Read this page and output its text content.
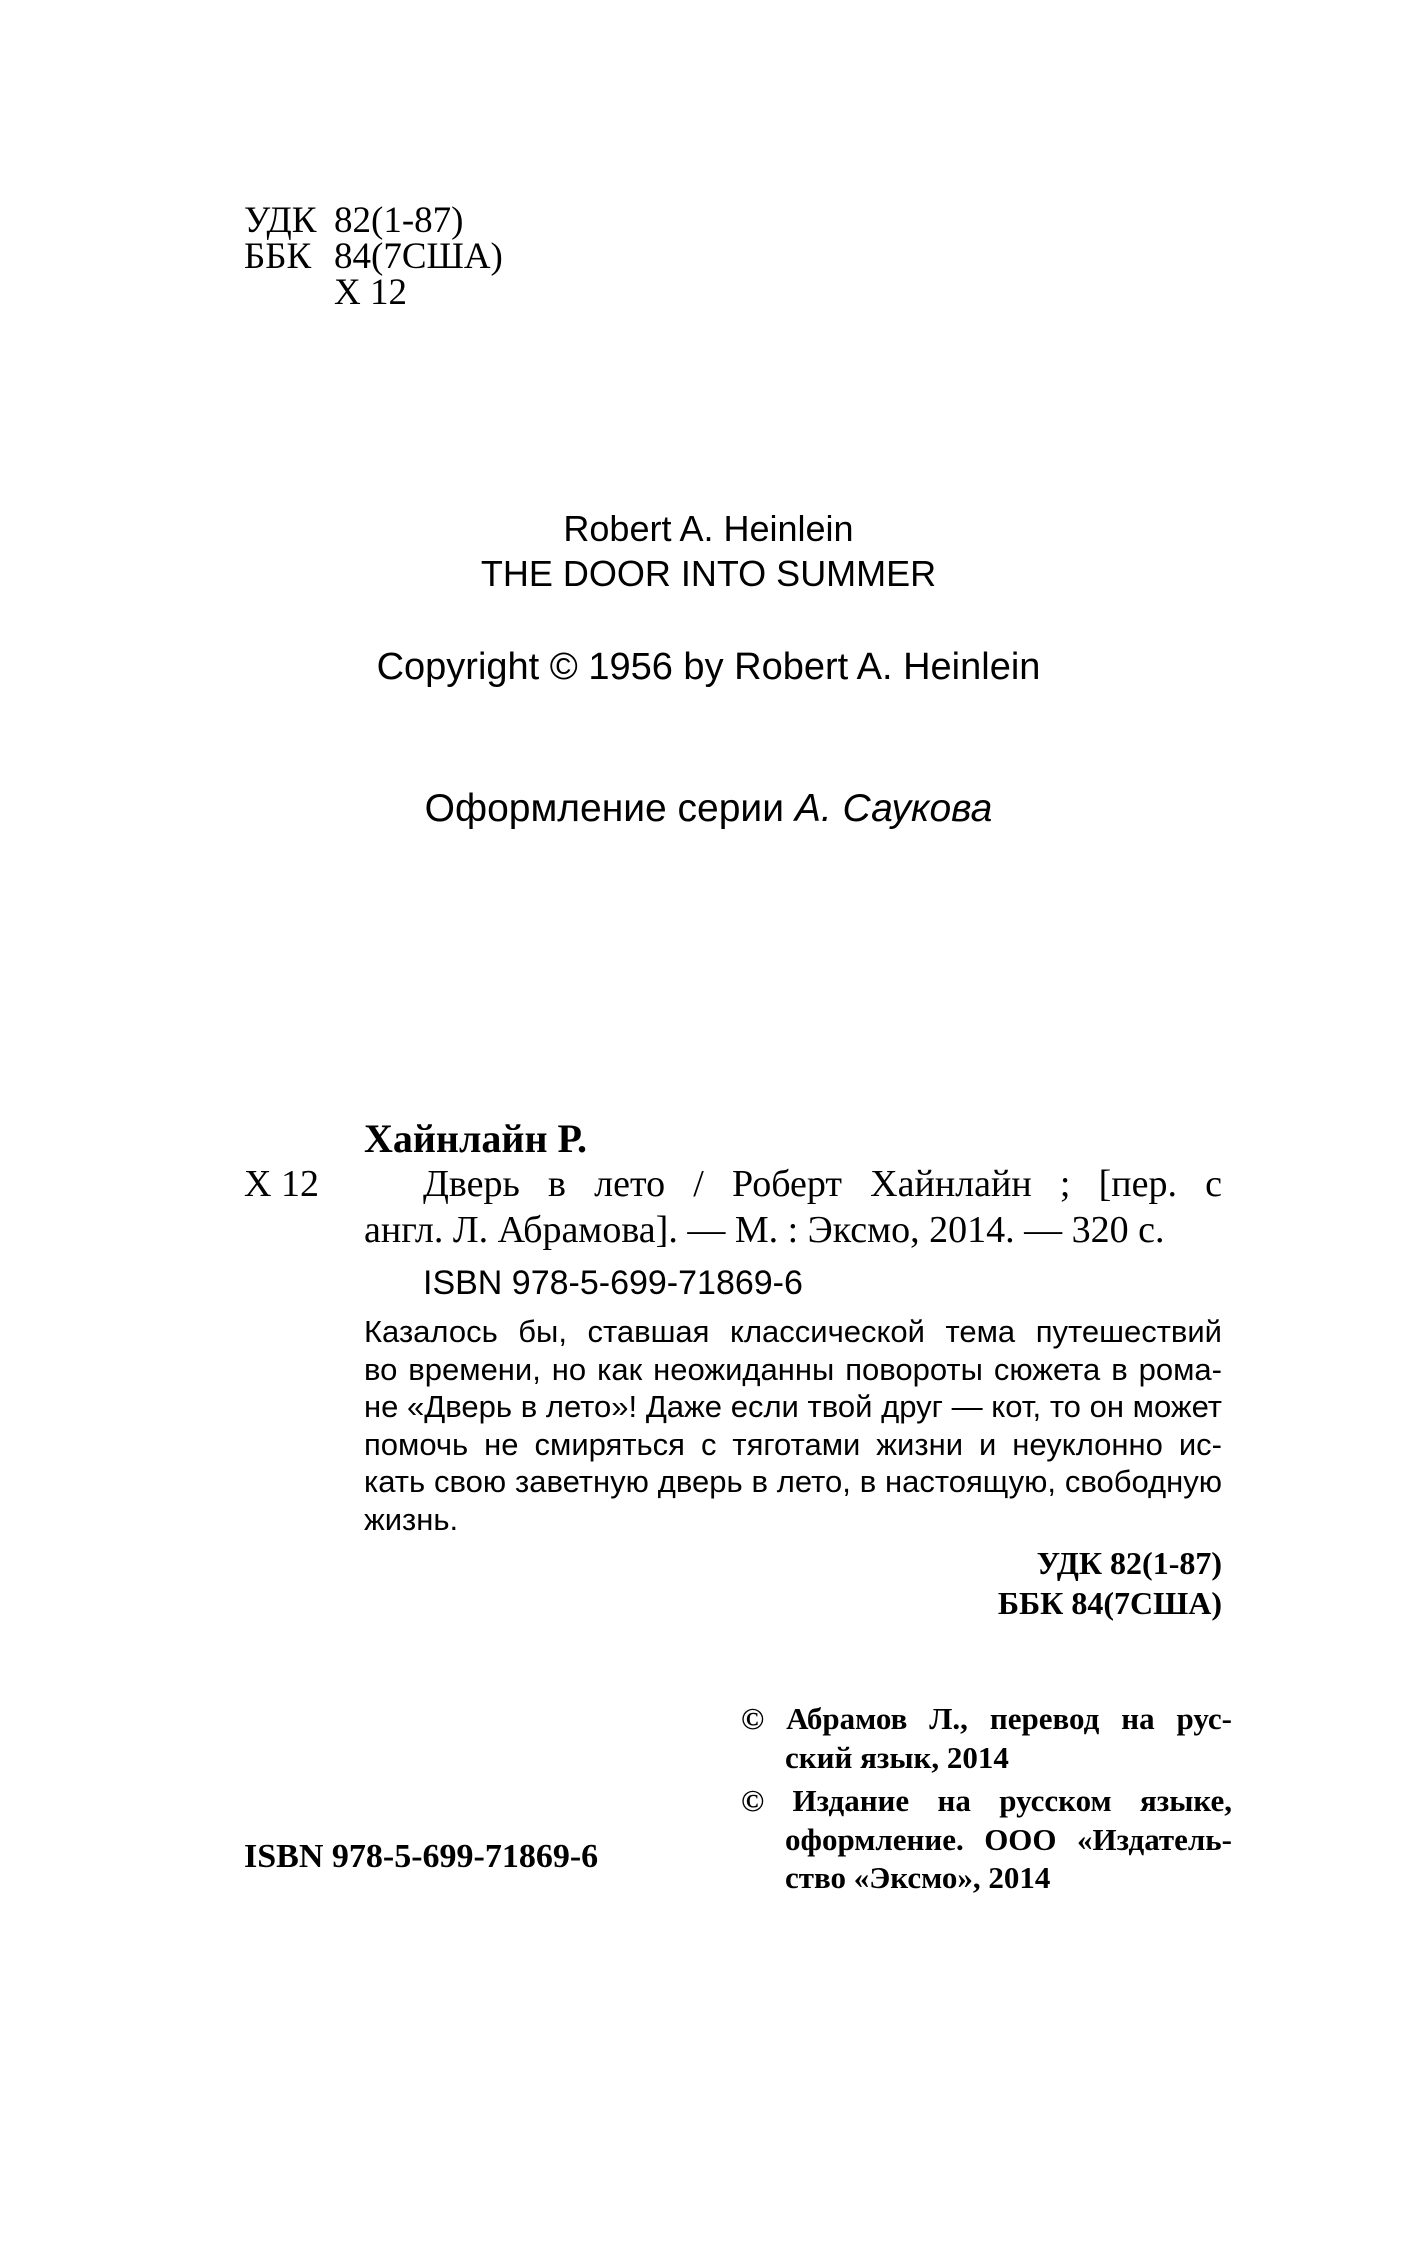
УДК 82(1-87)
ББК 84(7США)
Х 12
Robert A. Heinlein
THE DOOR INTO SUMMER
Copyright © 1956 by Robert A. Heinlein
Оформление серии А. Саукова
Хайнлайн Р.
Х 12	Дверь в лето / Роберт Хайнлайн ; [пер. с
англ. Л. Абрамова]. — М. : Эксмо, 2014. — 320 с.
ISBN 978-5-699-71869-6
Казалось бы, ставшая классической тема путешествий
во времени, но как неожиданны повороты сюжета в рома-
не «Дверь в лето»! Даже если твой друг — кот, то он может
помочь не смиряться с тяготами жизни и неуклонно ис-
кать свою заветную дверь в лето, в настоящую, свободную
жизнь.
УДК 82(1-87)
ББК 84(7США)
© Абрамов Л., перевод на рус-
ский язык, 2014
© Издание на русском языке,
оформление. ООО «Издатель-
ство «Эксмо», 2014
ISBN 978-5-699-71869-6
